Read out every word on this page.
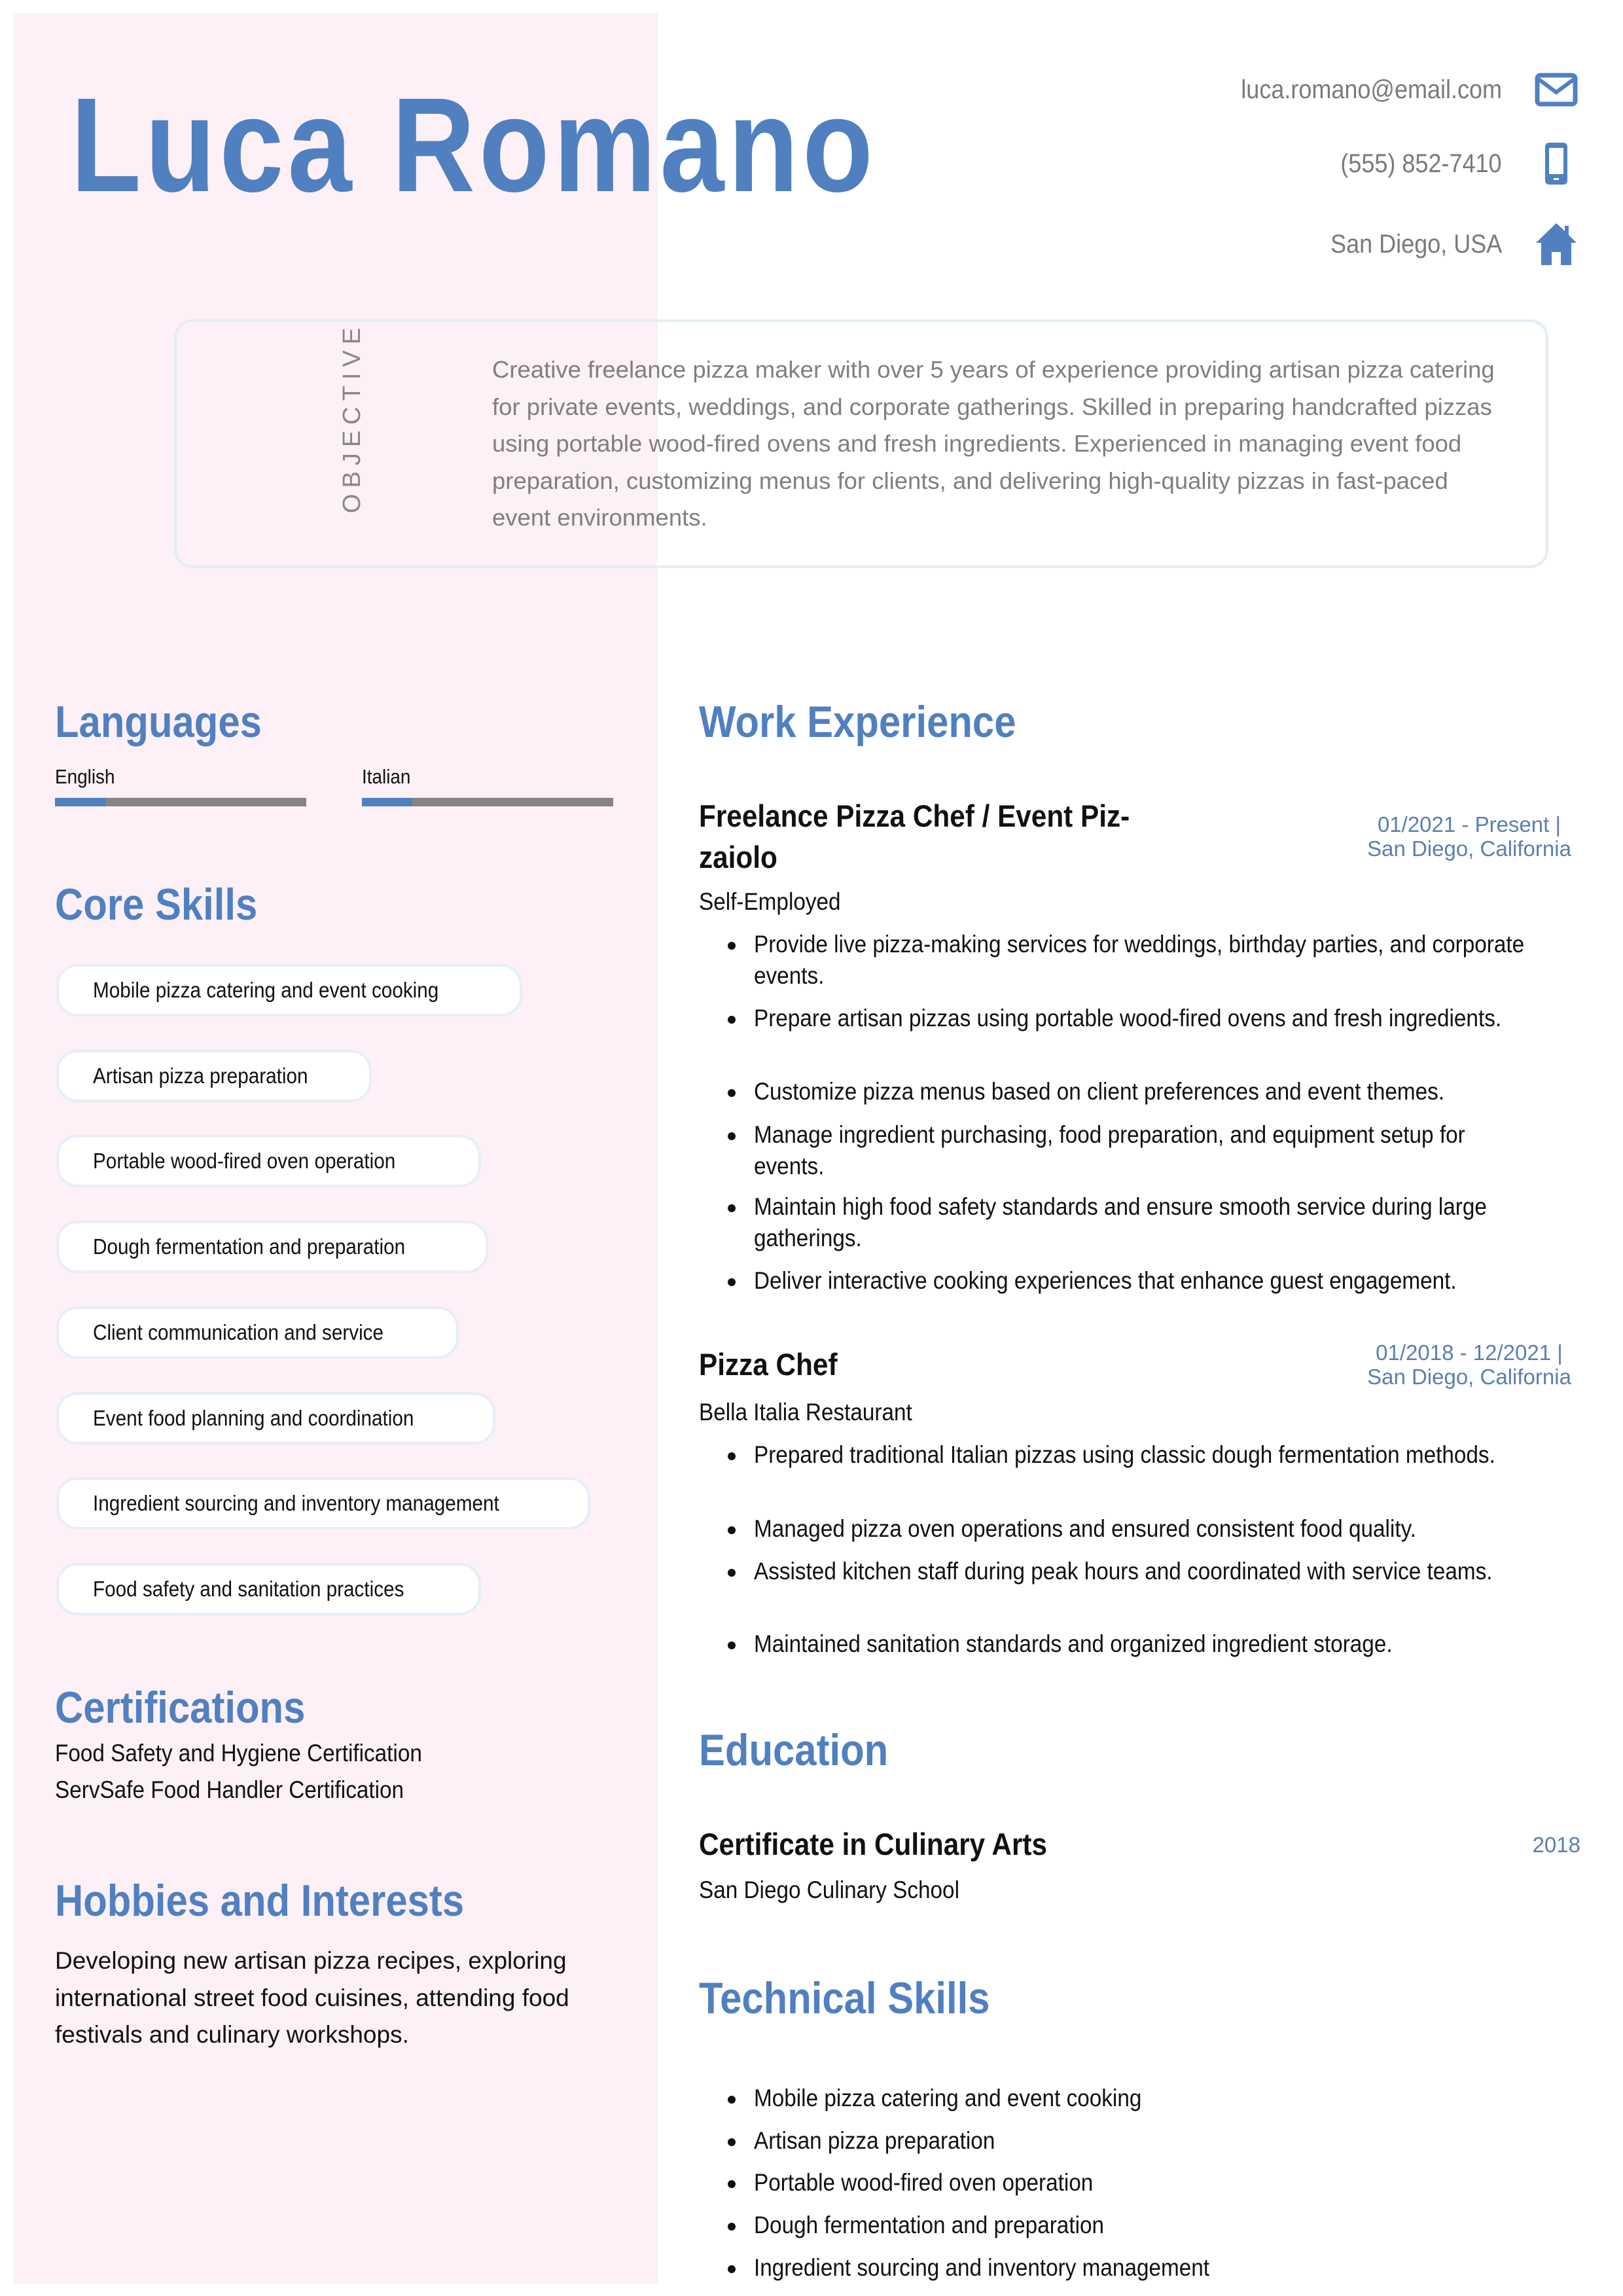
Luca Romano	luca.romano@email.com
(555) 852-7410
San Diego, USA
OBJECTIVE	Creative freelance pizza maker with over 5 years of experience providing artisan pizza catering for private events, weddings, and corporate gatherings. Skilled in preparing handcrafted pizzas using portable wood-fired ovens and fresh ingredients. Experienced in managing event food preparation, customizing menus for clients, and delivering high-quality pizzas in fast-paced event environments.
Languages
English	Italian
Core Skills
Mobile pizza catering and event cooking
Artisan pizza preparation
Portable wood-fired oven operation
Dough fermentation and preparation
Client communication and service
Event food planning and coordination
Ingredient sourcing and inventory management
Food safety and sanitation practices
Certifications
Food Safety and Hygiene Certification
ServSafe Food Handler Certification
Hobbies and Interests
Developing new artisan pizza recipes, exploring international street food cuisines, attending food festivals and culinary workshops.
Work Experience
Freelance Pizza Chef / Event Piz-
zaiolo
01/2021 - Present |
San Diego, California
Self-Employed
Provide live pizza-making services for weddings, birthday parties, and corporate events.
Prepare artisan pizzas using portable wood-fired ovens and fresh ingredients.
Customize pizza menus based on client preferences and event themes.
Manage ingredient purchasing, food preparation, and equipment setup for events.
Maintain high food safety standards and ensure smooth service during large gatherings.
Deliver interactive cooking experiences that enhance guest engagement.
Pizza Chef	01/2018 - 12/2021 |
San Diego, California
Bella Italia Restaurant
Prepared traditional Italian pizzas using classic dough fermentation methods.
Managed pizza oven operations and ensured consistent food quality.
Assisted kitchen staff during peak hours and coordinated with service teams.
Maintained sanitation standards and organized ingredient storage.
Education
Certificate in Culinary Arts	2018
San Diego Culinary School
Technical Skills
Mobile pizza catering and event cooking
Artisan pizza preparation
Portable wood-fired oven operation
Dough fermentation and preparation
Ingredient sourcing and inventory management
